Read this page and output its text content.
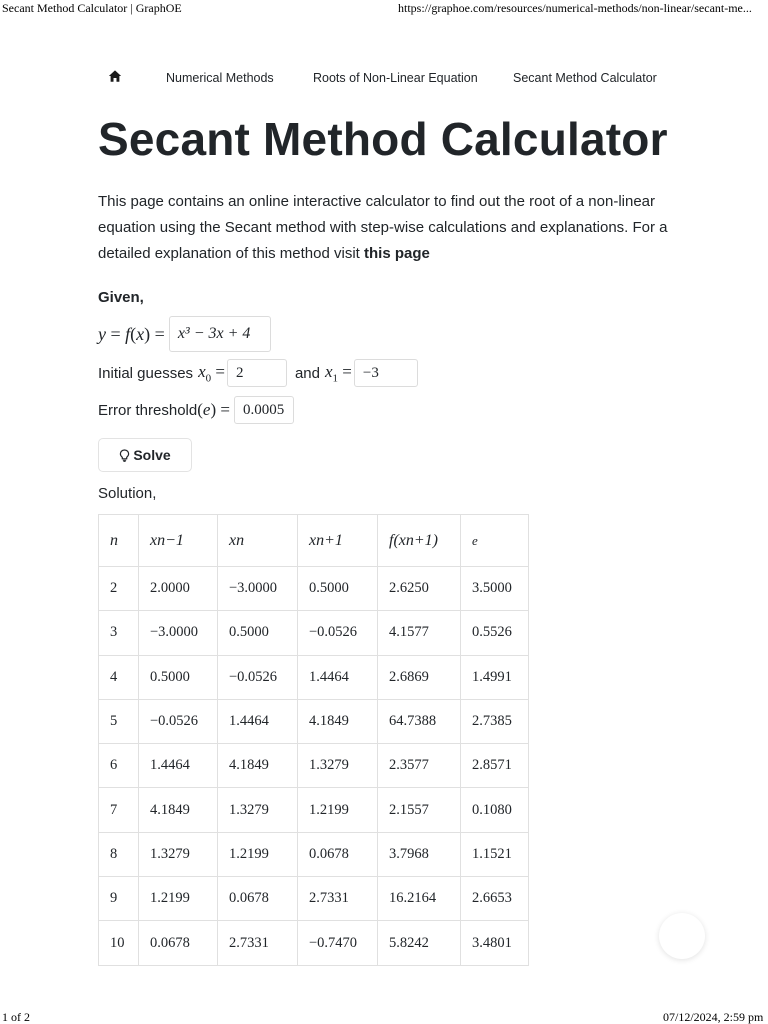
Secant Method Calculator | GraphOE	https://graphoe.com/resources/numerical-methods/non-linear/secant-me...
Numerical Methods	Roots of Non-Linear Equation	Secant Method Calculator
Secant Method Calculator

This page contains an online interactive calculator to find out the root of a non-linear equation using the Secant method with step-wise calculations and explanations. For a detailed explanation of this method visit this page

Given,
y = f(x) = x³ − 3x + 4
Initial guesses $x_0 = 2$	and $x_1 = -3$
Error threshold (e) = 0.0005
Solve
Solution,
n	xn−1	xn	xn+1	f(xn+1)	e
2	2.0000	−3.0000	0.5000	2.6250	3.5000
3	−3.0000	0.5000	−0.0526	4.1577	0.5526
4	0.5000	−0.0526	1.4464	2.6869	1.4991
5	−0.0526	1.4464	4.1849	64.7388	2.7385
6	1.4464	4.1849	1.3279	2.3577	2.8571
7	4.1849	1.3279	1.2199	2.1557	0.1080
8	1.3279	1.2199	0.0678	3.7968	1.1521
9	1.2199	0.0678	2.7331	16.2164	2.6653
10	0.0678	2.7331	−0.7470	5.8242	3.4801
1 of 2	07/12/2024, 2:59 pm
